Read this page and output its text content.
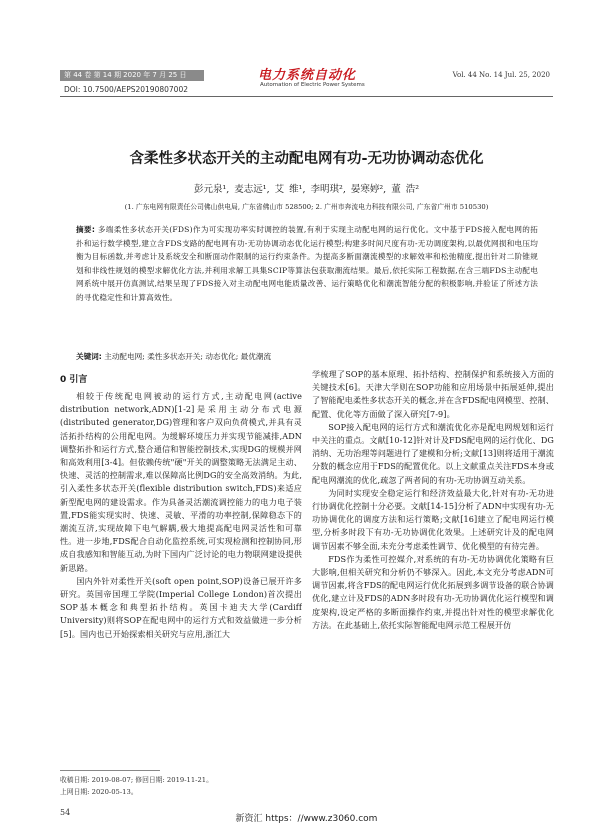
第 44 卷 第 14 期 2020 年 7 月 25 日
DOI: 10.7500/AEPS20190807002
电力系统自动化
Automation of Electric Power Systems
Vol. 44 No. 14 Jul. 25, 2020
含柔性多状态开关的主动配电网有功-无功协调动态优化
彭元泉¹, 麦志远¹, 艾 维¹, 李明琪², 晏寒婷², 董 浩²
(1. 广东电网有限责任公司佛山供电局, 广东省佛山市 528500; 2. 广州市奔流电力科技有限公司, 广东省广州市 510530)
摘要: 多端柔性多状态开关(FDS)作为可实现功率实时调控的装置,有利于实现主动配电网的运行优化。文中基于FDS接入配电网的拓扑和运行数学模型,建立含FDS支路的配电网有功-无功协调动态优化运行模型;构建多时间尺度有功-无功调度架构,以最优网损和电压均衡为目标函数,并考虑计及系统安全和断面动作限制的运行约束条件。为提高多断面潮流模型的求解效率和松弛精度,提出针对二阶锥规划和非线性规划的模型求解优化方法,并利用求解工具集SCIP等算法包获取潮流结果。最后,依托实际工程数据,在含三端FDS主动配电网系统中展开仿真测试,结果呈现了FDS接入对主动配电网电能质量改善、运行策略优化和潮流智能分配的积极影响,并验证了所述方法的寻优稳定性和计算高效性。
关键词: 主动配电网; 柔性多状态开关; 动态优化; 最优潮流
0 引言

相较于传统配电网被动的运行方式,主动配电网(active distribution network,ADN)[1-2]是采用主动分布式电源(distributed generator,DG)管理和客户双向负荷模式,并具有灵活拓扑结构的公用配电网。为缓解环境压力并实现节能减排,ADN调整拓扑和运行方式,整合通信和智能控制技术,实现DG的规模并网和高效利用[3-4]。但依赖传统"硬"开关的调整策略无法满足主动、快速、灵活的控制需求,难以保障高比例DG的安全高效消纳。为此,引入柔性多状态开关(flexible distribution switch,FDS)来适应新型配电网的建设需求。作为具备灵活潮流调控能力的电力电子装置,FDS能实现实时、快速、灵敏、平滑的功率控制,保障稳态下的潮流互济,实现故障下电气解耦,极大地提高配电网灵活性和可靠性。进一步地,FDS配合自动化监控系统,可实现检测和控制协同,形成自我感知和智能互动,为时下国内广泛讨论的电力物联网建设提供新思路。

国内外针对柔性开关(soft open point,SOP)设备已展开许多研究。英国帝国理工学院(Imperial College London)首次提出SOP基本概念和典型拓扑结构。英国卡迪夫大学(Cardiff University)则将SOP在配电网中的运行方式和效益做进一步分析[5]。国内也已开始探索相关研究与应用,浙江大

学梳理了SOP的基本原理、拓扑结构、控制保护和系统接入方面的关键技术[6]。天津大学则在SOP功能和应用场景中拓展延伸,提出了智能配电柔性多状态开关的概念,并在含FDS配电网模型、控制、配置、优化等方面做了深入研究[7-9]。

SOP接入配电网的运行方式和潮流优化亦是配电网规划和运行中关注的重点。文献[10-12]针对计及FDS配电网的运行优化、DG消纳、无功治理等问题进行了建模和分析;文献[13]则将适用于潮流分数的概念应用于FDS的配置优化。以上文献重点关注FDS本身或配电网潮流的优化,疏忽了两者间的有功-无功协调互动关系。

为同时实现安全稳定运行和经济效益最大化,针对有功-无功进行协调优化控制十分必要。文献[14-15]分析了ADN中实现有功-无功协调优化的调度方法和运行策略;文献[16]建立了配电网运行模型,分析多时段下有功-无功协调优化效果。上述研究计及的配电网调节因素不够全面,未充分考虑柔性调节、优化模型的有待完善。

FDS作为柔性可控媒介,对系统的有功-无功协调优化策略有巨大影响,但相关研究和分析仍不够深入。因此,本文充分考虑ADN可调节因素,将含FDS的配电网运行优化拓展到多调节设备的联合协调优化,建立计及FDS的ADN多时段有功-无功协调优化运行模型和调度架构,设定严格的多断面操作约束,并提出针对性的模型求解优化方法。在此基础上,依托实际智能配电网示范工程展开仿

收稿日期: 2019-08-07; 修回日期: 2019-11-21。
上网日期: 2020-05-13。
54
新资汇 https：//www.z3060.com
